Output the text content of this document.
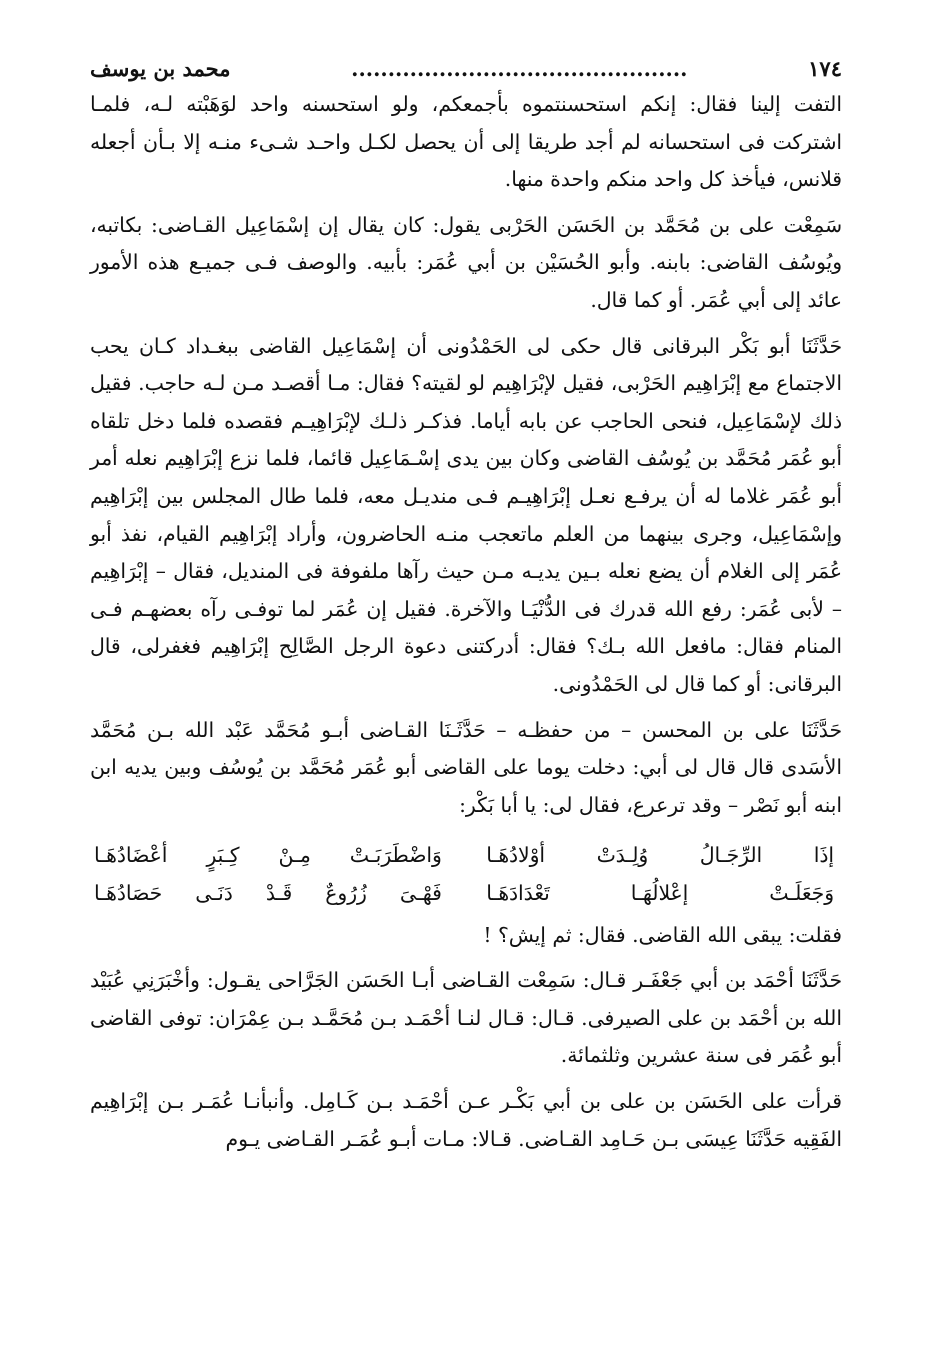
١٧٤
..............................................
محمد بن يوسف
التفت إلينا فقال: إنكم استحسنتموه بأجمعكم، ولو استحسنه واحد لوَهَبْته لـه، فلمـا اشتركت فى استحسانه لم أجد طريقا إلى أن يحصل لكـل واحـد شـىء منـه إلا بـأن أجعله قلانس، فيأخذ كل واحد منكم واحدة منها.
سَمِعْت على بن مُحَمَّد بن الحَسَن الحَرْبى يقول: كان يقال إن إسْمَاعِيل القـاضى: بكاتبه، ويُوسُف القاضى: بابنه. وأبو الحُسَيْن بن أبي عُمَر: بأبيه. والوصف فـى جميـع هذه الأمور عائد إلى أبي عُمَر. أو كما قال.
حَدَّثَنَا أبو بَكْر البرقانى قال حكى لى الحَمْدُونى أن إسْمَاعِيل القاضى ببغـداد كـان يحب الاجتماع مع إبْرَاهِيم الحَرْبى، فقيل لإبْرَاهِيم لو لقيته؟ فقال: مـا أقصـد مـن لـه حاجب. فقيل ذلك لإسْمَاعِيل، فنحى الحاجب عن بابه أياما. فذكـر ذلـك لإبْرَاهِيـم فقصده فلما دخل تلقاه أبو عُمَر مُحَمَّد بن يُوسُف القاضى وكان بين يدى إسْـمَاعِيل قائما، فلما نزع إبْرَاهِيم نعله أمر أبو عُمَر غلاما له أن يرفـع نعـل إبْرَاهِيـم فـى منديـل معه، فلما طال المجلس بين إبْرَاهِيم وإسْمَاعِيل، وجرى بينهما من العلم ماتعجب منـه الحاضرون، وأراد إبْرَاهِيم القيام، نفذ أبو عُمَر إلى الغلام أن يضع نعله بـين يديـه مـن حيث رآها ملفوفة فى المنديل، فقال – إبْرَاهِيم – لأبى عُمَر: رفع الله قدرك فى الدُّنْيَـا والآخرة. فقيل إن عُمَر لما توفـى رآه بعضهـم فـى المنام فقال: مافعل الله بـك؟ فقال: أدركتنى دعوة الرجل الصَّالِح إبْرَاهِيم فغفرلى، قال البرقانى: أو كما قال لى الحَمْدُونى.
حَدَّثَنَا على بن المحسن – من حفظـه – حَدَّثَـنَا القـاضى أبـو مُحَمَّد عَبْد الله بـن مُحَمَّد الأسَدى قال قال لى أبي: دخلت يوما على القاضى أبو عُمَر مُحَمَّد بن يُوسُف وبين يديه ابن ابنه أبو نَصْر – وقد ترعرع، فقال لى: يا أبا بَكْر:
إذَا الرِّجَـالُ وُلِـدَتْ أوْلادُهَـا
وَاضْطَرَبَـتْ مِـنْ كِـبَرٍ أعْضَادُهَـا
وَجَعَلَـتْ إعْلالُهَـا تَعْدَادَهَـا
فَهْـىَ زُرُوعٌ قَـدْ دَنَـى حَصَادُهَـا
فقلت: يبقى الله القاضى. فقال: ثم إيش؟ !
حَدَّثَنَا أحْمَد بن أبي جَعْفَـر قـال: سَمِعْت القـاضى أبـا الحَسَن الجَرَّاحى يقـول: وأخْبَرَنِي عُبَيْد الله بن أحْمَد بن على الصيرفى. قـال: قـال لنـا أحْمَـد بـن مُحَمَّـد بـن عِمْرَان: توفى القاضى أبو عُمَر فى سنة عشرين وثلثمائة.
قرأت على الحَسَن بن على بن أبي بَكْـر عـن أحْمَـد بـن كَـامِل. وأنبأنـا عُمَـر بـن إبْرَاهِيم الفَقِيه حَدَّثَنَا عِيسَى بـن حَـامِد القـاضى. قـالا: مـات أبـو عُمَـر القـاضى يـوم
